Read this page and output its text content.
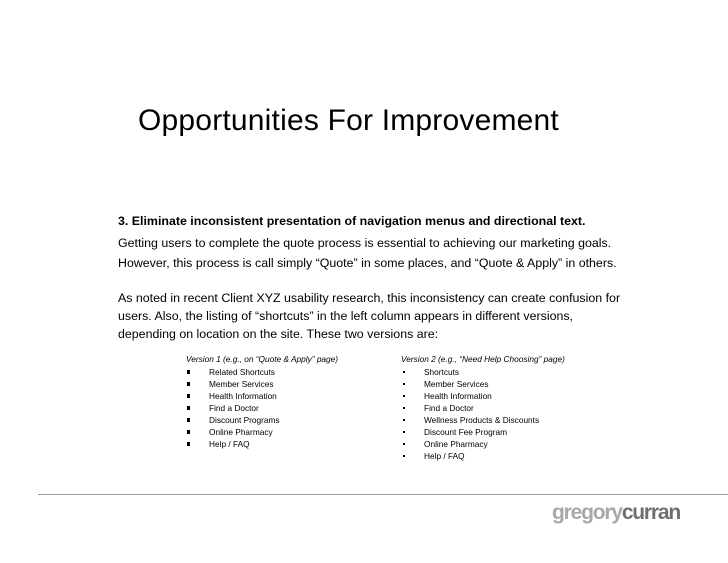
Opportunities For Improvement

3. Eliminate inconsistent presentation of navigation menus and directional text.

Getting users to complete the quote process is essential to achieving our marketing goals.
However, this process is call simply “Quote” in some places, and “Quote & Apply” in others.

As noted in recent Client XYZ usability research, this inconsistency can create confusion for
users. Also, the listing of “shortcuts” in the left column appears in different versions,
depending on location on the site. These two versions are:

Version 1 (e.g., on “Quote & Apply” page)
Related Shortcuts
Member Services
Health Information
Find a Doctor
Discount Programs
Online Pharmacy
Help / FAQ
Version 2 (e.g., “Need Help Choosing” page)
Shortcuts
Member Services
Health Information
Find a Doctor
Wellness Products & Discounts
Discount Fee Program
Online Pharmacy
Help / FAQ
gregorycurran
